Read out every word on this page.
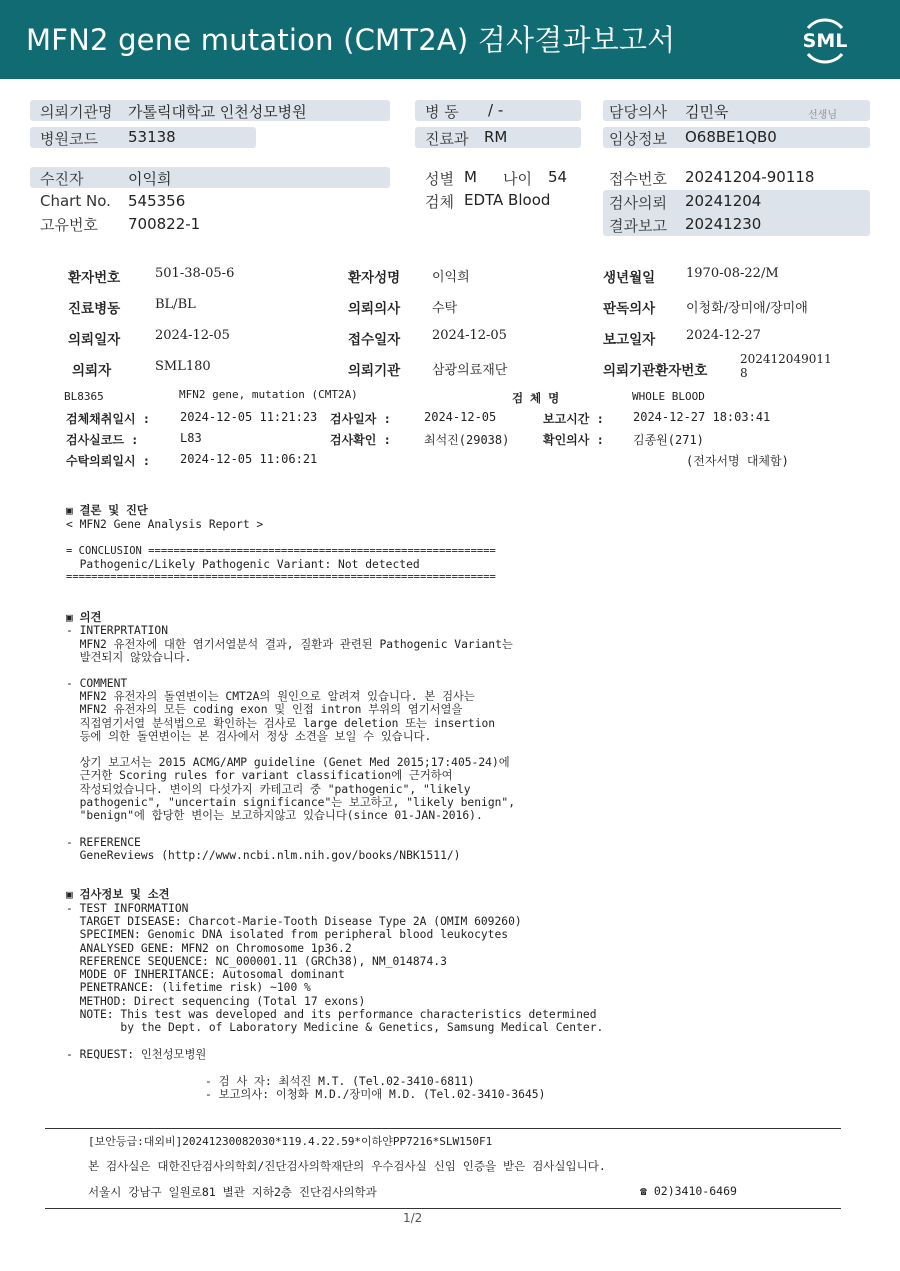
MFN2 gene mutation (CMT2A) 검사결과보고서	SML
의뢰기관명 가톨릭대학교 인천성모병원
병원코드 53138
병 동 / -
진료과 RM
담당의사 김민욱	선생님
임상정보 O68BE1QB0
수진자	이익희
Chart No. 545356
고유번호 700822-1
성별 M 나이 54
검체 EDTA Blood
접수번호 20241204-90118
검사의뢰 20241204
결과보고 20241230
환자번호	501-38-05-6	환자성명 이익희	생년월일 1970-08-22/M
진료병동	BL/BL	의뢰의사 수탁	판독의사 이청화/장미애/장미애
의뢰일자	2024-12-05	접수일자 2024-12-05	보고일자 2024-12-27
의뢰자	SML180	의뢰기관 삼광의료재단	의뢰기관환자번호
202412049011
8
BL8365	MFN2 gene, mutation (CMT2A)	검 체 명	WHOLE BLOOD
검체채취일시 : 2024-12-05 11:21:23 검사일자 :	2024-12-05	보고시간 : 2024-12-27 18:03:41
검사실코드 :	L83	검사확인 :	최석진(29038)	확인의사 : 김종원(271)
수탁의뢰일시 : 2024-12-05 11:06:21	(전자서명 대체함)
▣ 결론 및 진단
< MFN2 Gene Analysis Report >
= CONCLUSION =======================================================
Pathogenic/Likely Pathogenic Variant: Not detected
====================================================================
▣ 의견
- INTERPRTATION
MFN2 유전자에 대한 염기서열분석 결과, 질환과 관련된 Pathogenic Variant는
발견되지 않았습니다.
- COMMENT
MFN2 유전자의 돌연변이는 CMT2A의 원인으로 알려져 있습니다. 본 검사는
MFN2 유전자의 모든 coding exon 및 인접 intron 부위의 염기서열을
직접염기서열 분석법으로 확인하는 검사로 large deletion 또는 insertion
등에 의한 돌연변이는 본 검사에서 정상 소견을 보일 수 있습니다.
상기 보고서는 2015 ACMG/AMP guideline (Genet Med 2015;17:405-24)에
근거한 Scoring rules for variant classification에 근거하여
작성되었습니다. 변이의 다섯가지 카테고리 중 "pathogenic", "likely
pathogenic", "uncertain significance"는 보고하고, "likely benign",
"benign"에 합당한 변이는 보고하지않고 있습니다(since 01-JAN-2016).
- REFERENCE
GeneReviews (http://www.ncbi.nlm.nih.gov/books/NBK1511/)
▣ 검사정보 및 소견
- TEST INFORMATION
TARGET DISEASE: Charcot-Marie-Tooth Disease Type 2A (OMIM 609260)
SPECIMEN: Genomic DNA isolated from peripheral blood leukocytes
ANALYSED GENE: MFN2 on Chromosome 1p36.2
REFERENCE SEQUENCE: NC_000001.11 (GRCh38), NM_014874.3
MODE OF INHERITANCE: Autosomal dominant
PENETRANCE: (lifetime risk) ~100 %
METHOD: Direct sequencing (Total 17 exons)
NOTE: This test was developed and its performance characteristics determined
by the Dept. of Laboratory Medicine & Genetics, Samsung Medical Center.
- REQUEST: 인천성모병원
- 검 사 자: 최석진 M.T. (Tel.02-3410-6811)
- 보고의사: 이청화 M.D./장미애 M.D. (Tel.02-3410-3645)
[보안등급:대외비]20241230082030*119.4.22.59*이하얀PP7216*SLW150F1
본 검사실은 대한진단검사의학회/진단검사의학재단의 우수검사실 신임 인증을 받은 검사실입니다.
서울시 강남구 일원로81 별관 지하2층 진단검사의학과	☎ 02)3410-6469
1/2
